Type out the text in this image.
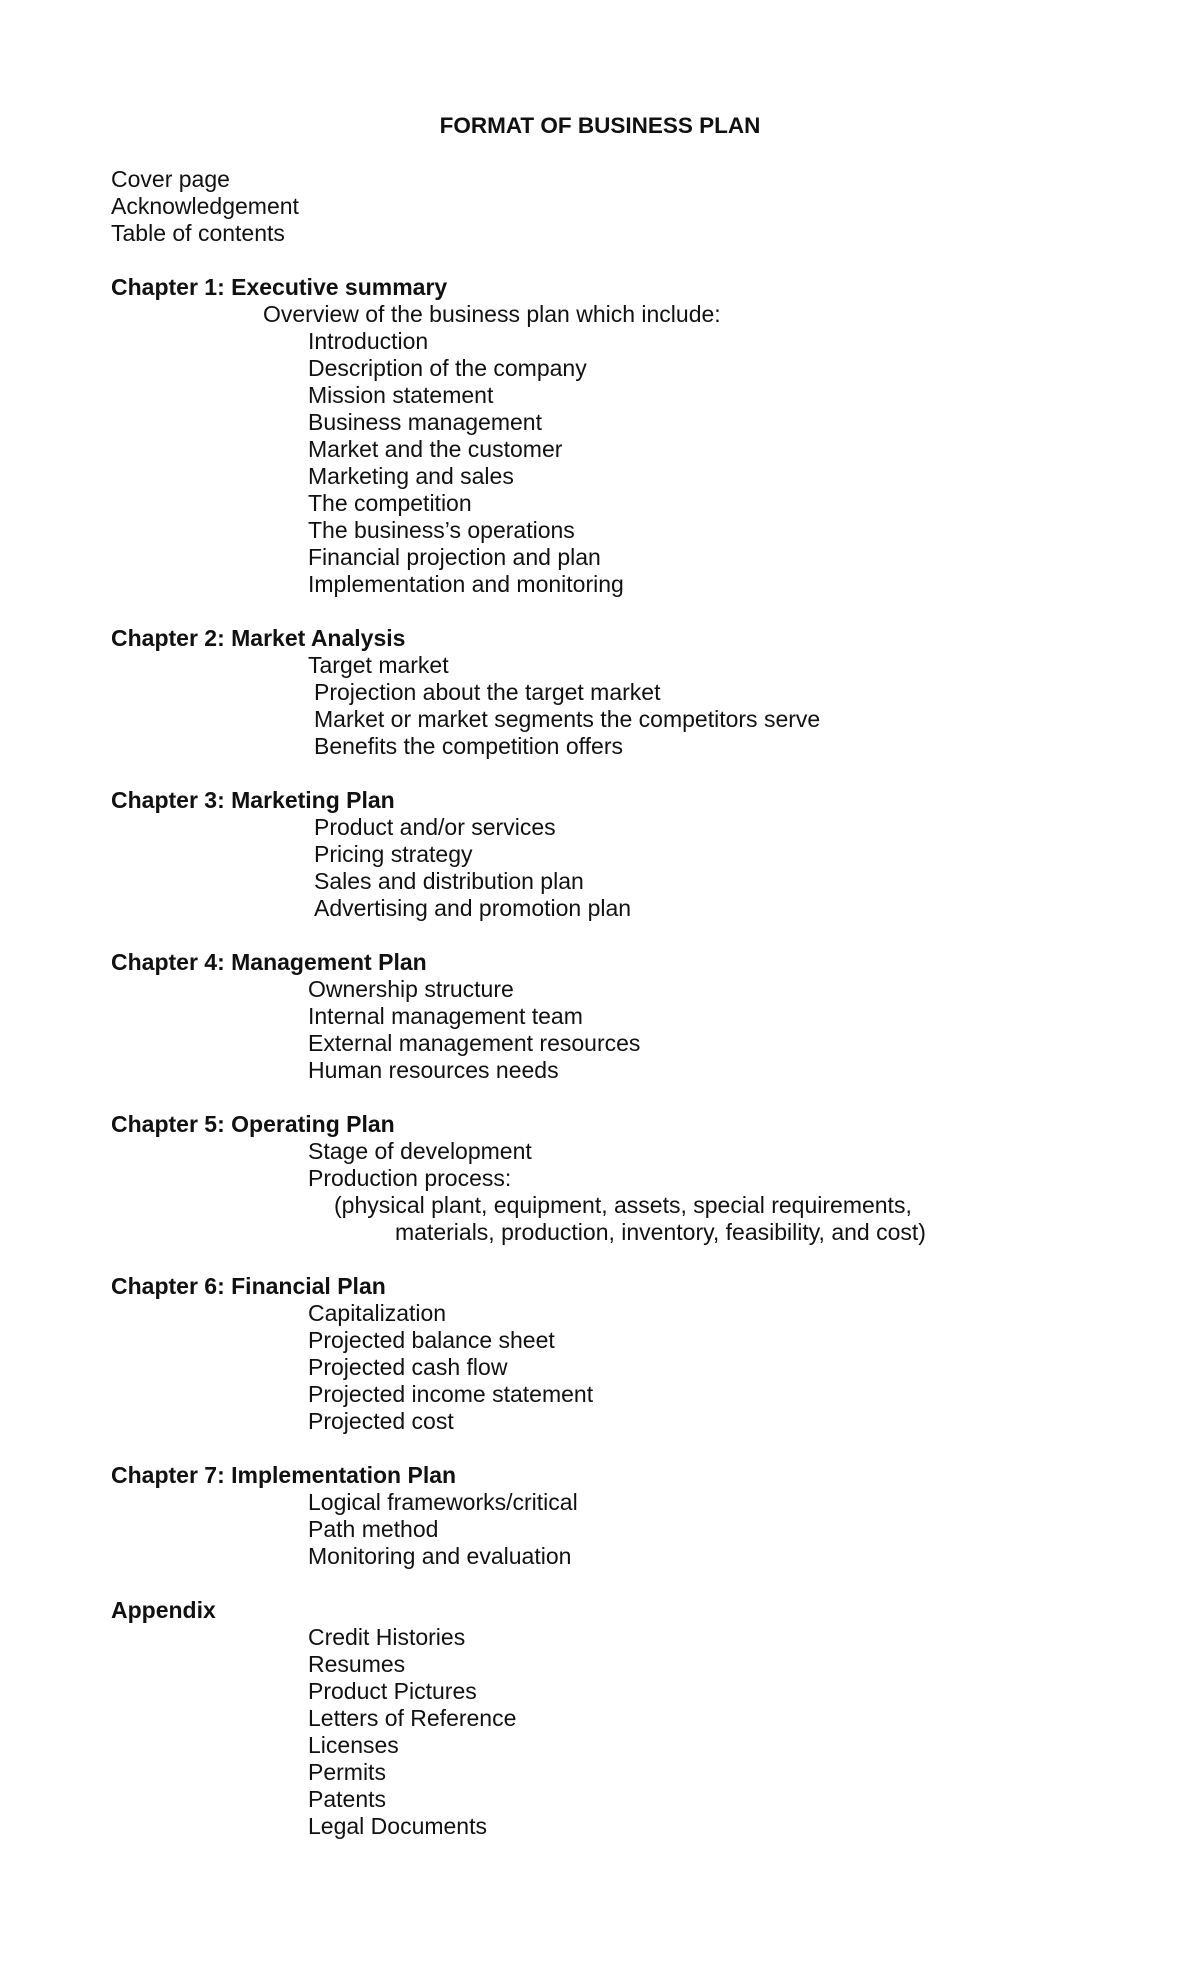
FORMAT OF BUSINESS PLAN
Cover page
Acknowledgement
Table of contents
Chapter 1: Executive summary
Overview of the business plan which include:
Introduction
Description of the company
Mission statement
Business management
Market and the customer
Marketing and sales
The competition
The business’s operations
Financial projection and plan
Implementation and monitoring
Chapter 2: Market Analysis
Target market
Projection about the target market
Market or market segments the competitors serve
Benefits the competition offers
Chapter 3: Marketing Plan
Product and/or services
Pricing strategy
Sales and distribution plan
Advertising and promotion plan
Chapter 4: Management Plan
Ownership structure
Internal management team
External management resources
Human resources needs
Chapter 5: Operating Plan
Stage of development
Production process:
(physical plant, equipment, assets, special requirements,
materials, production, inventory, feasibility, and cost)
Chapter 6: Financial Plan
Capitalization
Projected balance sheet
Projected cash flow
Projected income statement
Projected cost
Chapter 7: Implementation Plan
Logical frameworks/critical
Path method
Monitoring and evaluation
Appendix
Credit Histories
Resumes
Product Pictures
Letters of Reference
Licenses
Permits
Patents
Legal Documents
